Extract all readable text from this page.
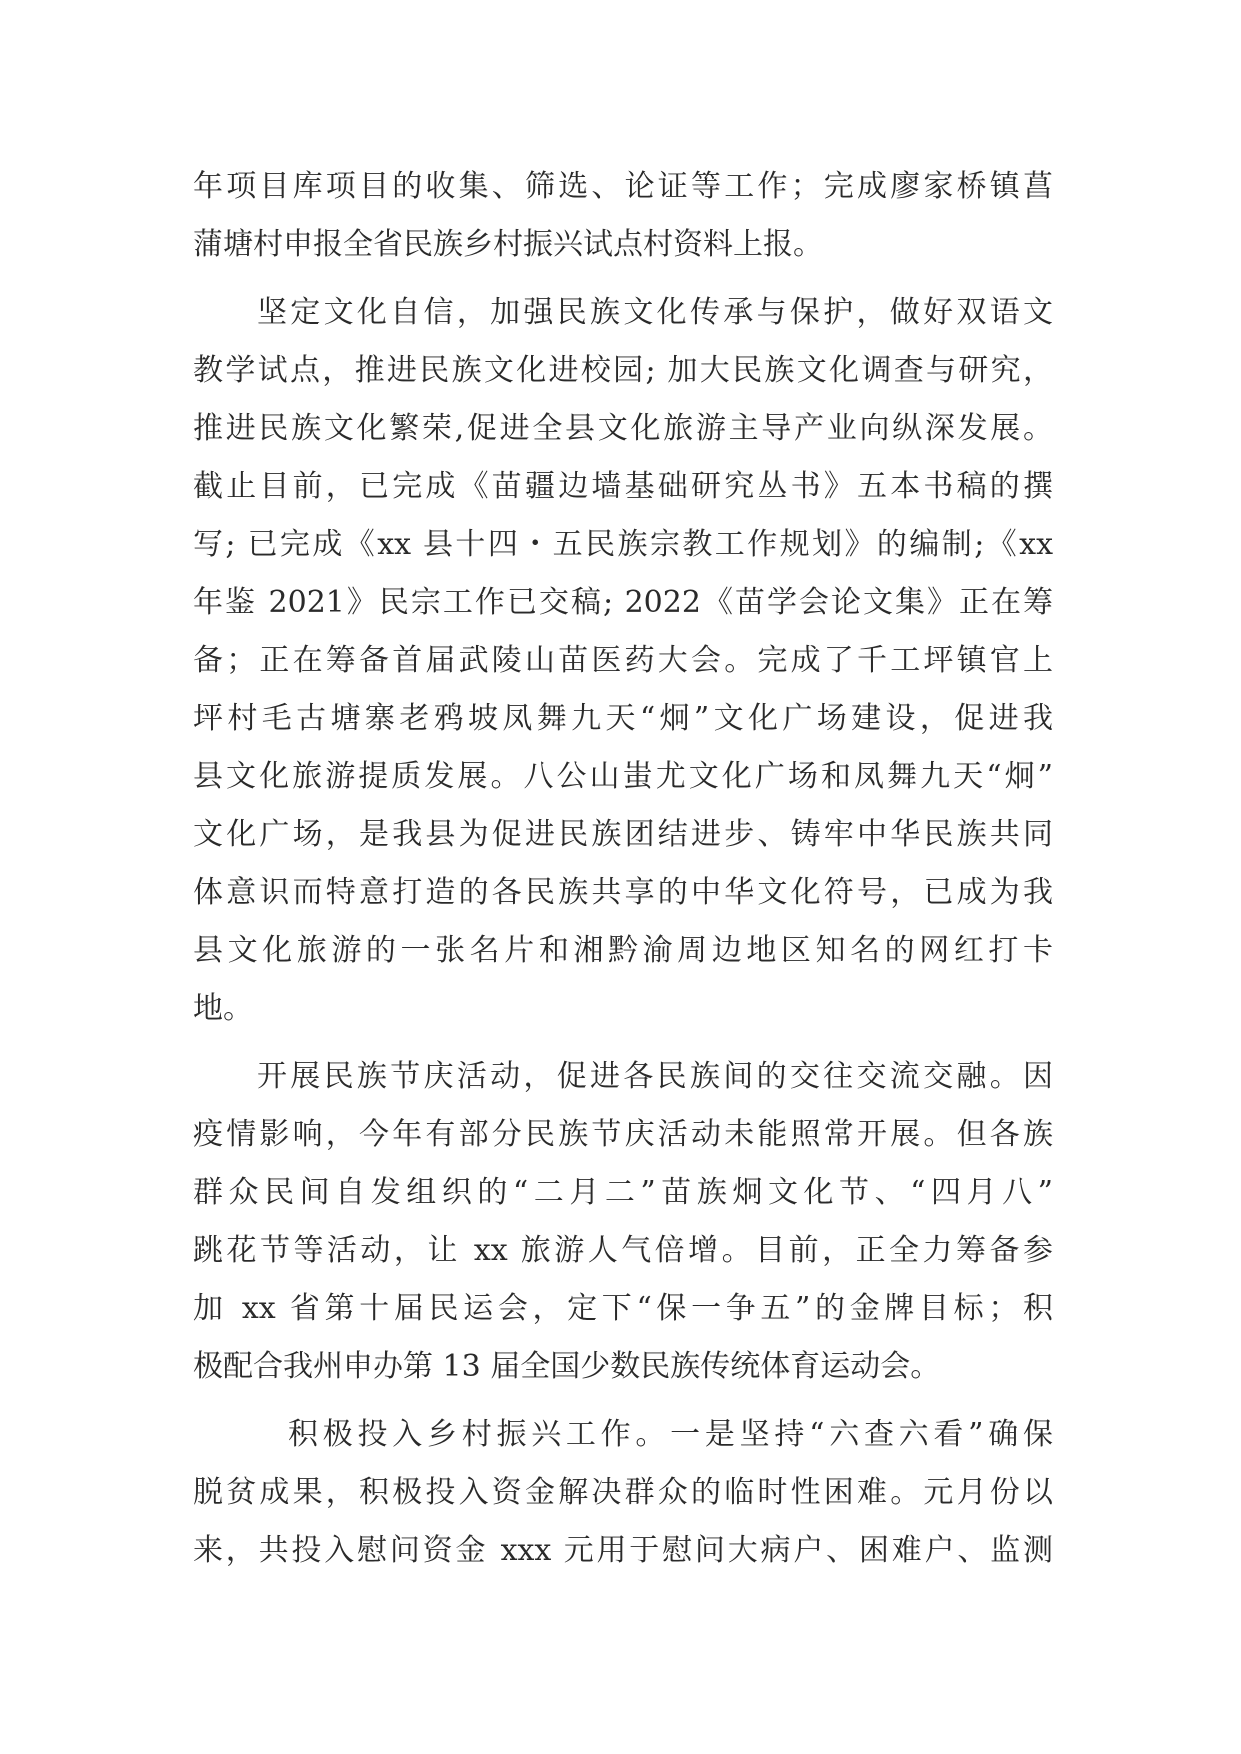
年项目库项目的收集、筛选、论证等工作；完成廖家桥镇菖
蒲塘村申报全省民族乡村振兴试点村资料上报。
坚定文化自信，加强民族文化传承与保护，做好双语文
教学试点，推进民族文化进校园; 加大民族文化调查与研究，
推进民族文化繁荣,促进全县文化旅游主导产业向纵深发展。
截止目前，已完成《苗疆边墙基础研究丛书》五本书稿的撰
写; 已完成《xx 县十四・五民族宗教工作规划》的编制;《xx
年鉴 2021》民宗工作已交稿; 2022《苗学会论文集》正在筹
备；正在筹备首届武陵山苗医药大会。完成了千工坪镇官上
坪村毛古塘寨老鸦坡凤舞九天“炯”文化广场建设，促进我
县文化旅游提质发展。八公山蚩尤文化广场和凤舞九天“炯”
文化广场，是我县为促进民族团结进步、铸牢中华民族共同
体意识而特意打造的各民族共享的中华文化符号，已成为我
县文化旅游的一张名片和湘黔渝周边地区知名的网红打卡
地。
开展民族节庆活动，促进各民族间的交往交流交融。因
疫情影响，今年有部分民族节庆活动未能照常开展。但各族
群众民间自发组织的“二月二”苗族炯文化节、“四月八”
跳花节等活动，让 xx 旅游人气倍增。目前，正全力筹备参
加 xx 省第十届民运会，定下“保一争五”的金牌目标；积
极配合我州申办第 13 届全国少数民族传统体育运动会。
积极投入乡村振兴工作。一是坚持“六查六看”确保
脱贫成果，积极投入资金解决群众的临时性困难。元月份以
来，共投入慰问资金 xxx 元用于慰问大病户、困难户、监测
